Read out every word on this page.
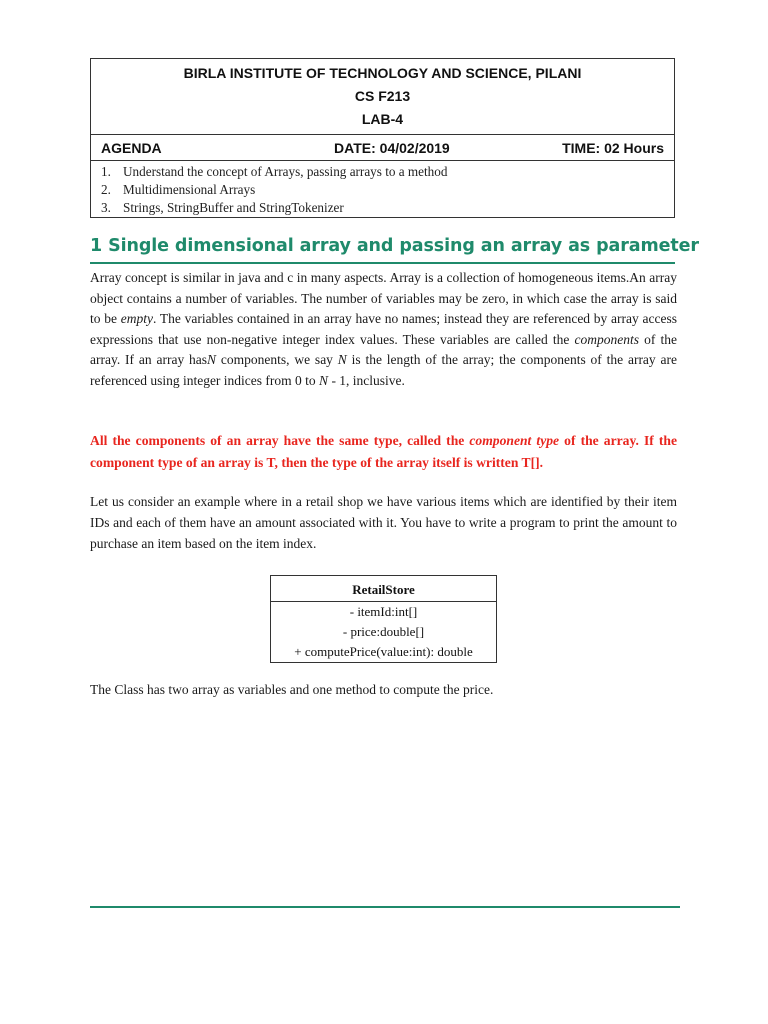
BIRLA INSTITUTE OF TECHNOLOGY AND SCIENCE, PILANI
CS F213
LAB-4
AGENDA	DATE: 04/02/2019	TIME: 02 Hours
1. Understand the concept of Arrays, passing arrays to a method
2. Multidimensional Arrays
3. Strings, StringBuffer and StringTokenizer
1 Single dimensional array and passing an array as parameter

Array concept is similar in java and c in many aspects. Array is a collection of homogeneous items.An array object contains a number of variables. The number of variables may be zero, in which case the array is said to be empty. The variables contained in an array have no names; instead they are referenced by array access expressions that use non-negative integer index values. These variables are called the components of the array. If an array hasN components, we say N is the length of the array; the components of the array are referenced using integer indices from 0 to N - 1, inclusive.

All the components of an array have the same type, called the component type of the array. If the component type of an array is T, then the type of the array itself is written T[].

Let us consider an example where in a retail shop we have various items which are identified by their item IDs and each of them have an amount associated with it. You have to write a program to print the amount to purchase an item based on the item index.

RetailStore
- itemId:int[]
- price:double[]
+ computePrice(value:int): double

The Class has two array as variables and one method to compute the price.
